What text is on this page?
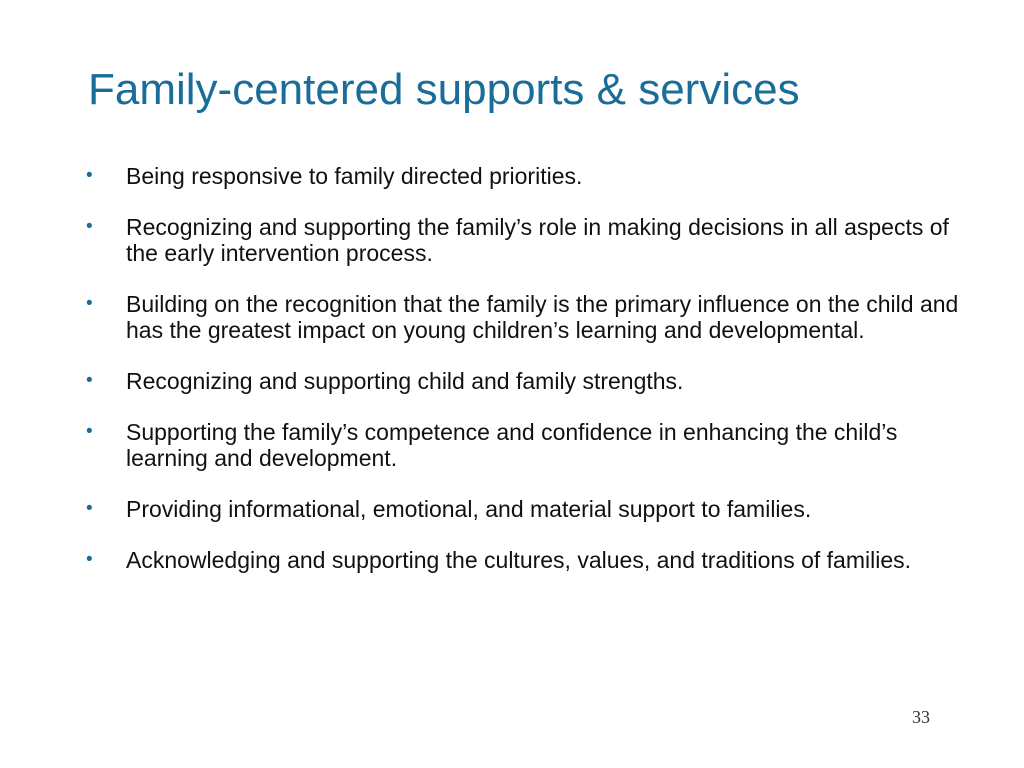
Family-centered supports & services
•	Being responsive to family directed priorities.
•	Recognizing and supporting the family’s role in making decisions in all aspects of the early intervention process.
•	Building on the recognition that the family is the primary influence on the child and has the greatest impact on young children’s learning and developmental.
•	Recognizing and supporting child and family strengths.
•	Supporting the family’s competence and confidence in enhancing the child’s learning and development.
•	Providing informational, emotional, and material support to families.
•	Acknowledging and supporting the cultures, values, and traditions of families.
33
